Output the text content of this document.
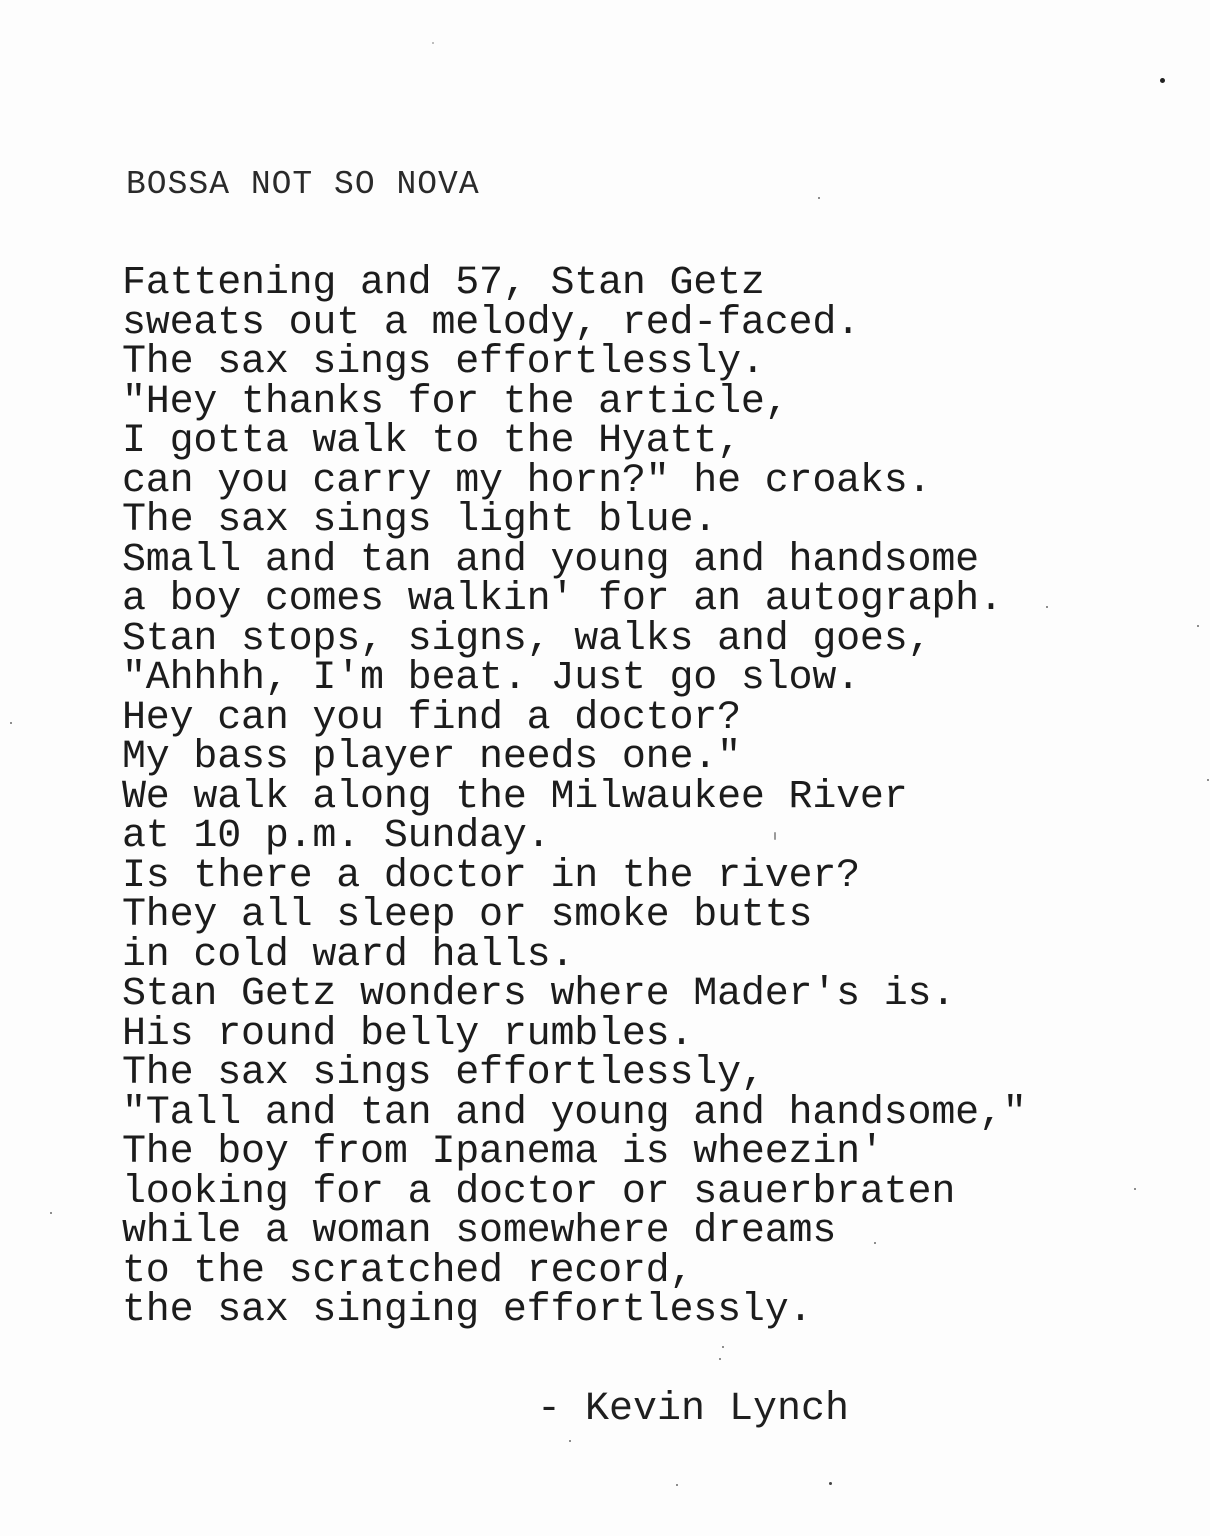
BOSSA NOT SO NOVA
Fattening and 57, Stan Getz
sweats out a melody, red-faced.
The sax sings effortlessly.
"Hey thanks for the article,
I gotta walk to the Hyatt,
can you carry my horn?" he croaks.
The sax sings light blue.
Small and tan and young and handsome
a boy comes walkin' for an autograph.
Stan stops, signs, walks and goes,
"Ahhhh, I'm beat. Just go slow.
Hey can you find a doctor?
My bass player needs one."
We walk along the Milwaukee River
at 10 p.m. Sunday.
Is there a doctor in the river?
They all sleep or smoke butts
in cold ward halls.
Stan Getz wonders where Mader's is.
His round belly rumbles.
The sax sings effortlessly,
"Tall and tan and young and handsome,"
The boy from Ipanema is wheezin'
looking for a doctor or sauerbraten
while a woman somewhere dreams
to the scratched record,
the sax singing effortlessly.
- Kevin Lynch
